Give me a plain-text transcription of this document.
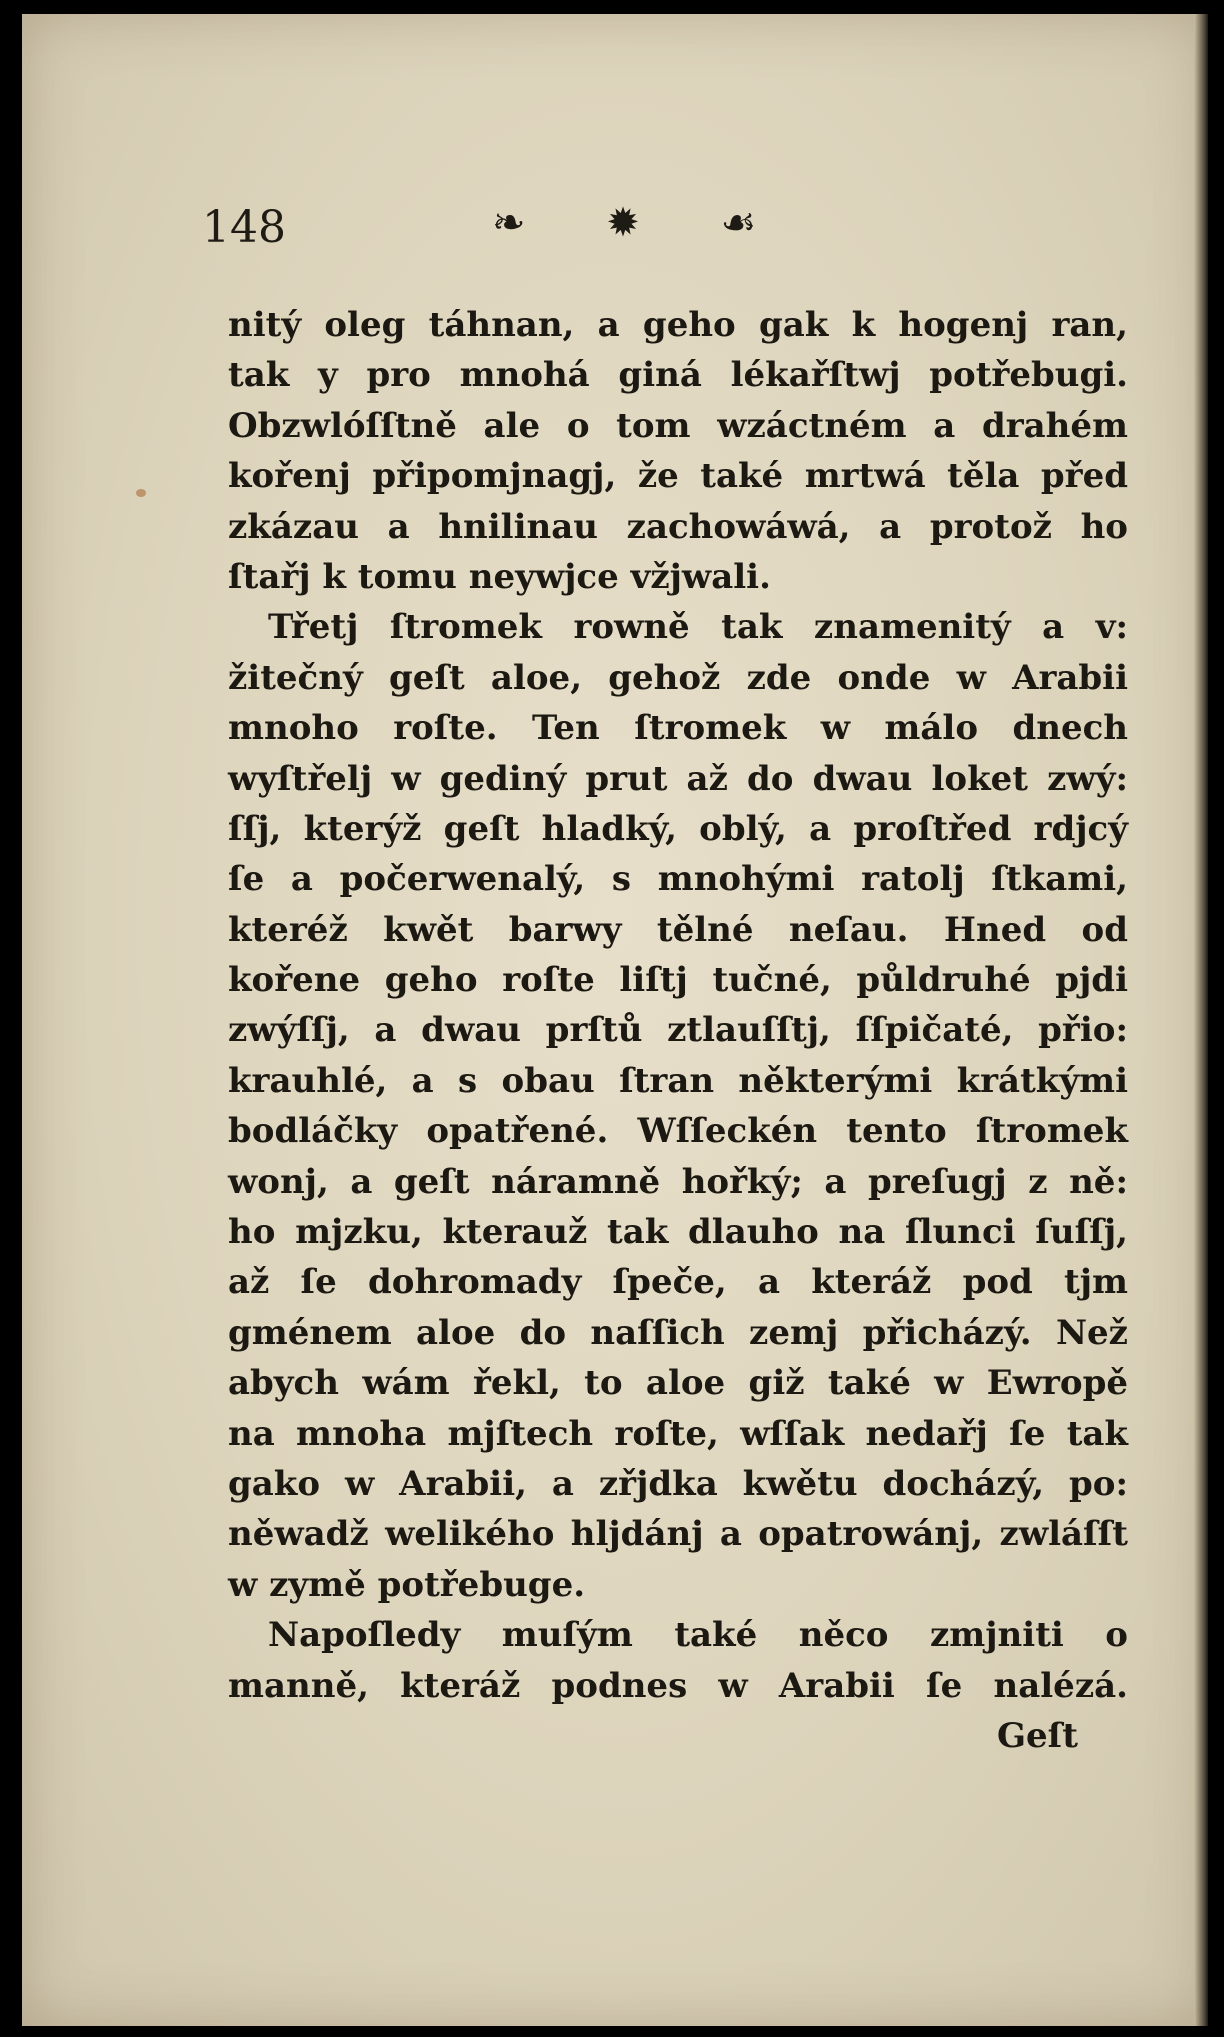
148	❧ ✹ ☙
nitý oleg táhnan, a geho gak k hogenj ran,
tak y pro mnohá giná lékařſtwj potřebugi.
Obzwlóſſtně ale o tom wzáctném a drahém
kořenj připomjnagj, že také mrtwá těla před
zkázau a hnilinau zachowáwá, a protož ho
ſtařj k tomu neywjce vžjwali.
Třetj ſtromek rowně tak znamenitý a v:
žitečný geſt aloe, gehož zde onde w Arabii
mnoho roſte. Ten ſtromek w málo dnech
wyſtřelj w gediný prut až do dwau loket zwý:
ſſj, kterýž geſt hladký, oblý, a proſtřed rdjcý
ſe a počerwenalý, s mnohými ratolj ſtkami,
kteréž kwět barwy tělné neſau. Hned od
kořene geho roſte liſtj tučné, půldruhé pjdi
zwýſſj, a dwau prſtů ztlauſſtj, ſſpičaté, přio:
krauhlé, a s obau ſtran některými krátkými
bodláčky opatřené. Wſſeckén tento ſtromek
wonj, a geſt náramně hořký; a preſugj z ně:
ho mjzku, kterauž tak dlauho na ſlunci ſuſſj,
až ſe dohromady ſpeče, a kteráž pod tjm
gménem aloe do naſſich zemj přicházý. Než
abych wám řekl, to aloe giž také w Ewropě
na mnoha mjſtech roſte, wſſak nedařj ſe tak
gako w Arabii, a zřjdka kwětu docházý, po:
něwadž welikého hljdánj a opatrowánj, zwláſſt
w zymě potřebuge.
Napoſledy muſým také něco zmjniti o
manně, kteráž podnes w Arabii ſe nalézá.
Geſt
